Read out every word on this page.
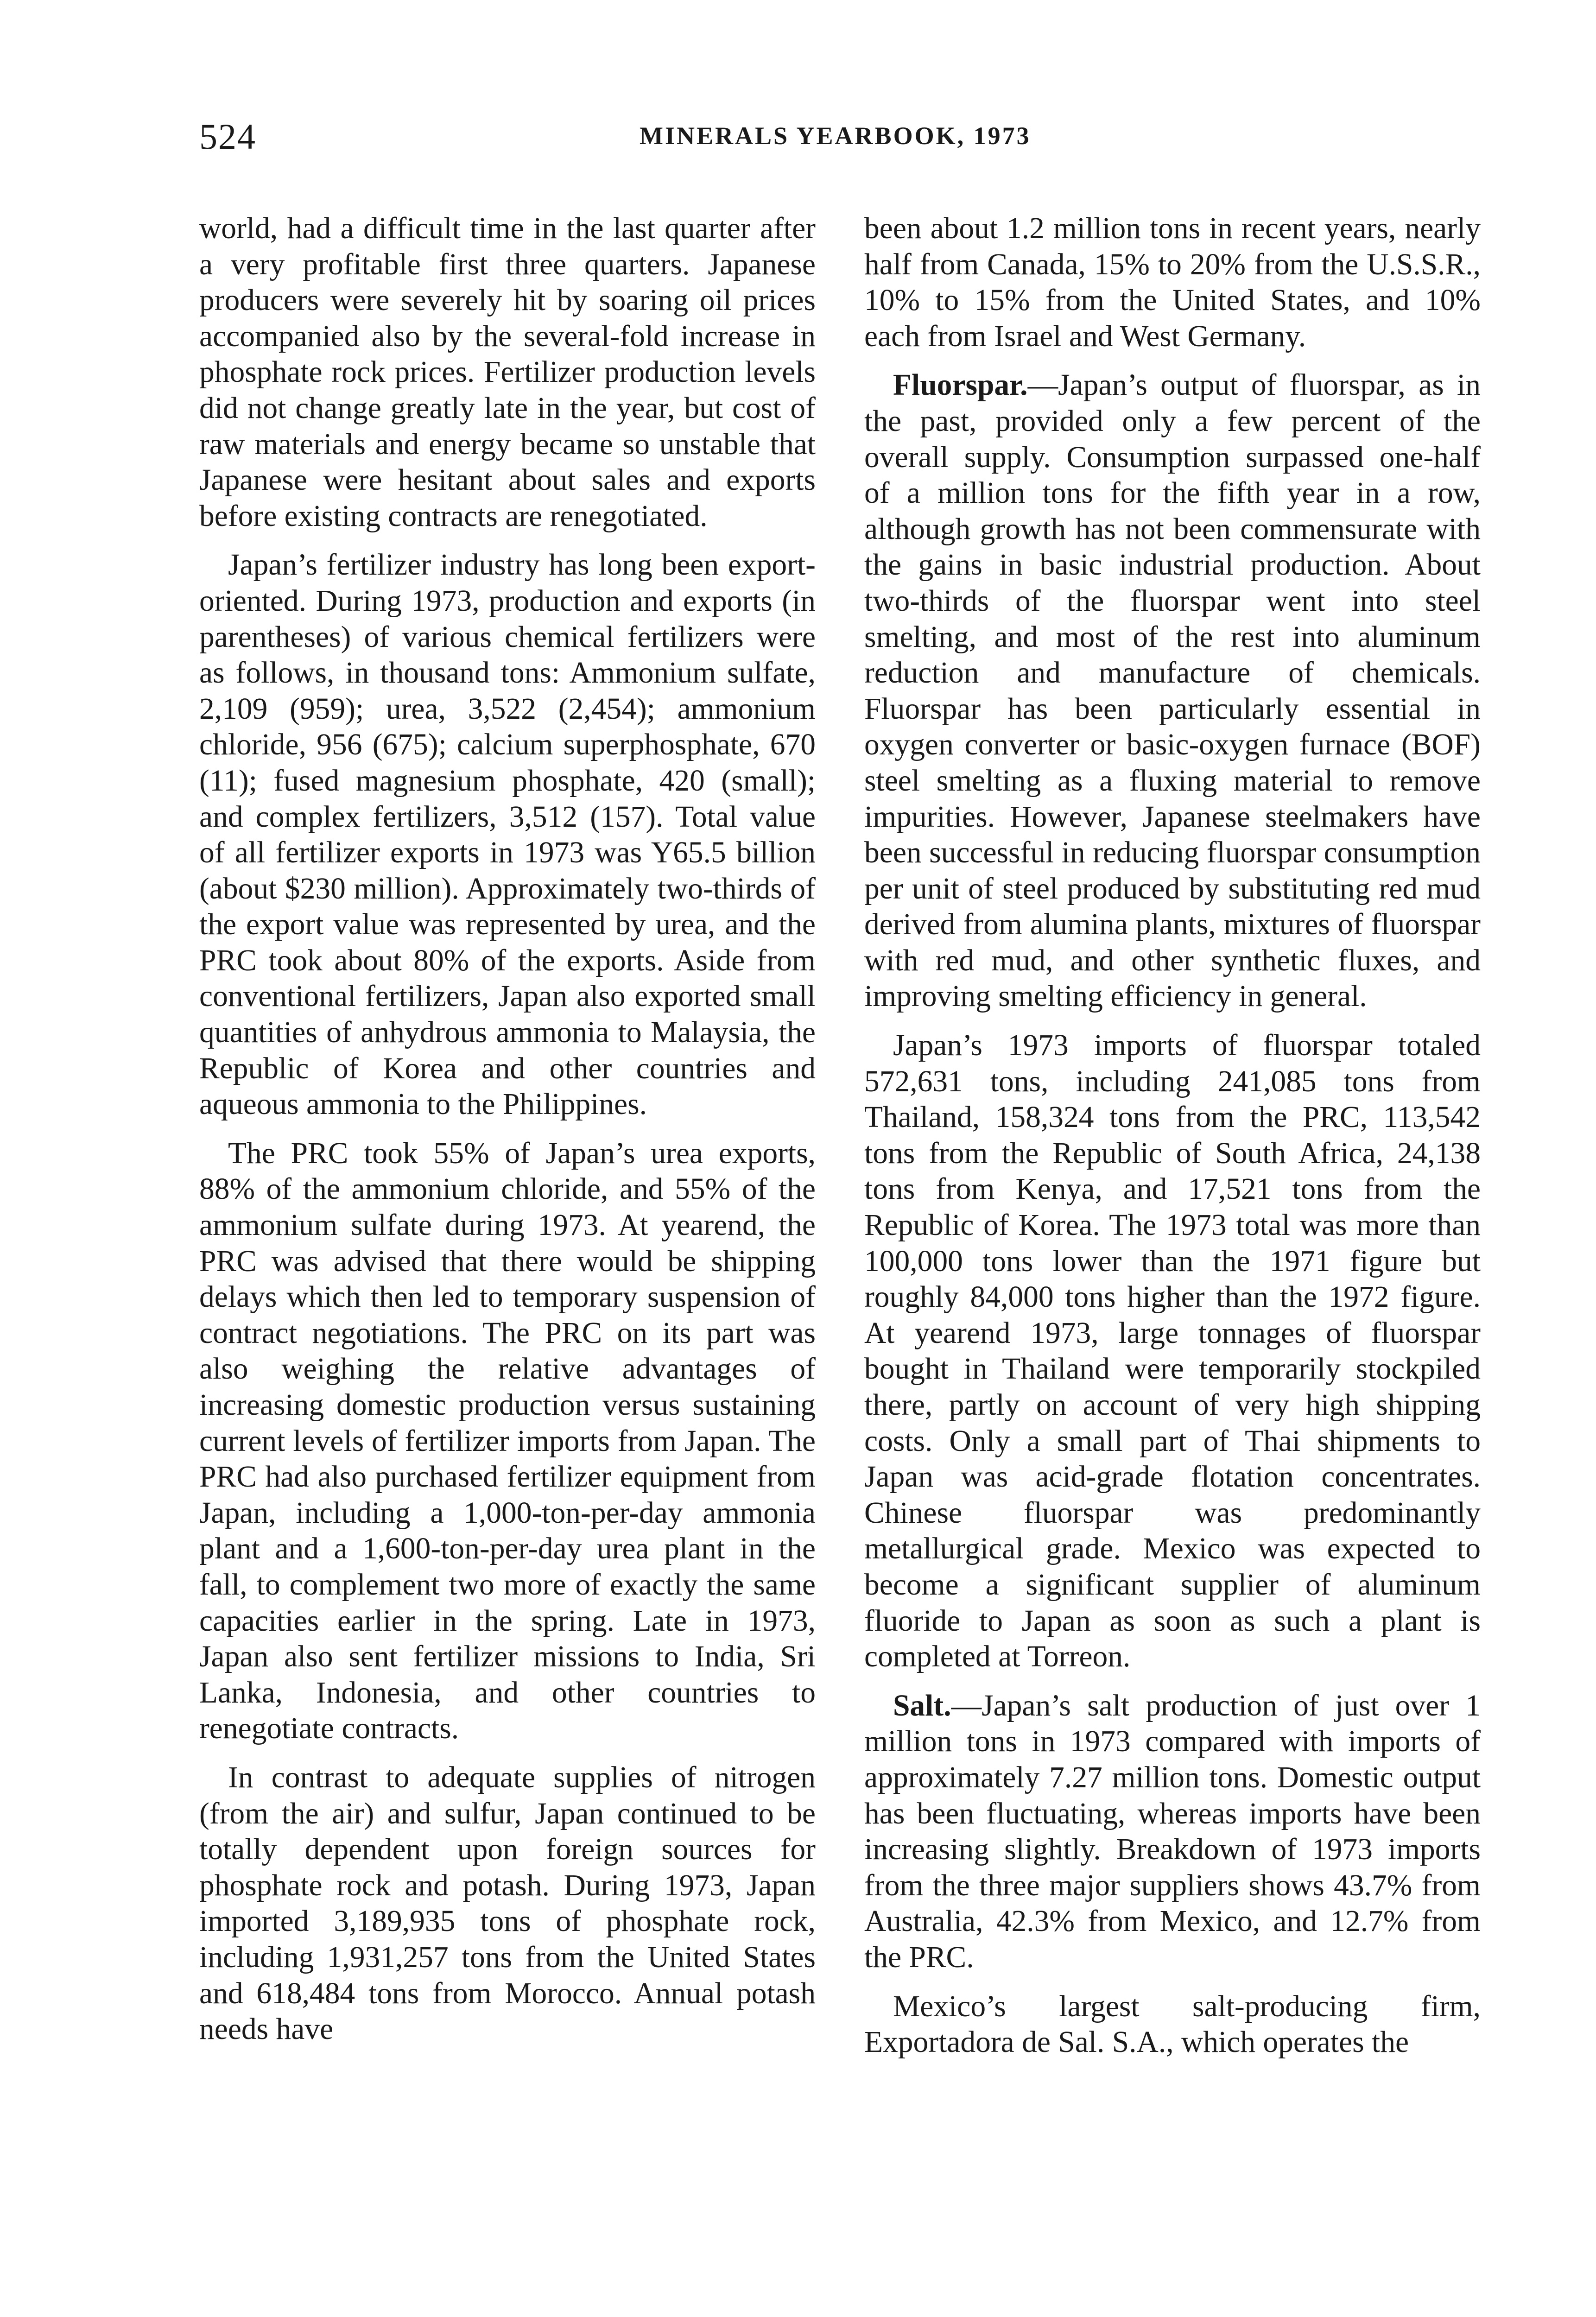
524	MINERALS YEARBOOK, 1973

world, had a difficult time in the last quarter after a very profitable first three quarters. Japanese producers were severely hit by soaring oil prices accompanied also by the several-fold increase in phosphate rock prices. Fertilizer production levels did not change greatly late in the year, but cost of raw materials and energy became so unstable that Japanese were hesitant about sales and exports before existing contracts are renegotiated.

Japan’s fertilizer industry has long been export-oriented. During 1973, production and exports (in parentheses) of various chemical fertilizers were as follows, in thousand tons: Ammonium sulfate, 2,109 (959); urea, 3,522 (2,454); ammonium chloride, 956 (675); calcium superphosphate, 670 (11); fused magnesium phosphate, 420 (small); and complex fertilizers, 3,512 (157). Total value of all fertilizer exports in 1973 was Y65.5 billion (about $230 million). Approximately two-thirds of the export value was represented by urea, and the PRC took about 80% of the exports. Aside from conventional fertilizers, Japan also exported small quantities of anhydrous ammonia to Malaysia, the Republic of Korea and other countries and aqueous ammonia to the Philippines.

The PRC took 55% of Japan’s urea exports, 88% of the ammonium chloride, and 55% of the ammonium sulfate during 1973. At yearend, the PRC was advised that there would be shipping delays which then led to temporary suspension of contract negotiations. The PRC on its part was also weighing the relative advantages of increasing domestic production versus sustaining current levels of fertilizer imports from Japan. The PRC had also purchased fertilizer equipment from Japan, including a 1,000-ton-per-day ammonia plant and a 1,600-ton-per-day urea plant in the fall, to complement two more of exactly the same capacities earlier in the spring. Late in 1973, Japan also sent fertilizer missions to India, Sri Lanka, Indonesia, and other countries to renegotiate contracts.

In contrast to adequate supplies of nitrogen (from the air) and sulfur, Japan continued to be totally dependent upon foreign sources for phosphate rock and potash. During 1973, Japan imported 3,189,935 tons of phosphate rock, including 1,931,257 tons from the United States and 618,484 tons from Morocco. Annual potash needs have

been about 1.2 million tons in recent years, nearly half from Canada, 15% to 20% from the U.S.S.R., 10% to 15% from the United States, and 10% each from Israel and West Germany.

Fluorspar.—Japan’s output of fluorspar, as in the past, provided only a few percent of the overall supply. Consumption surpassed one-half of a million tons for the fifth year in a row, although growth has not been commensurate with the gains in basic industrial production. About two-thirds of the fluorspar went into steel smelting, and most of the rest into aluminum reduction and manufacture of chemicals. Fluorspar has been particularly essential in oxygen converter or basic-oxygen furnace (BOF) steel smelting as a fluxing material to remove impurities. However, Japanese steelmakers have been successful in reducing fluorspar consumption per unit of steel produced by substituting red mud derived from alumina plants, mixtures of fluorspar with red mud, and other synthetic fluxes, and improving smelting efficiency in general.

Japan’s 1973 imports of fluorspar totaled 572,631 tons, including 241,085 tons from Thailand, 158,324 tons from the PRC, 113,542 tons from the Republic of South Africa, 24,138 tons from Kenya, and 17,521 tons from the Republic of Korea. The 1973 total was more than 100,000 tons lower than the 1971 figure but roughly 84,000 tons higher than the 1972 figure. At yearend 1973, large tonnages of fluorspar bought in Thailand were temporarily stockpiled there, partly on account of very high shipping costs. Only a small part of Thai shipments to Japan was acid-grade flotation concentrates. Chinese fluorspar was predominantly metallurgical grade. Mexico was expected to become a significant supplier of aluminum fluoride to Japan as soon as such a plant is completed at Torreon.

Salt.—Japan’s salt production of just over 1 million tons in 1973 compared with imports of approximately 7.27 million tons. Domestic output has been fluctuating, whereas imports have been increasing slightly. Breakdown of 1973 imports from the three major suppliers shows 43.7% from Australia, 42.3% from Mexico, and 12.7% from the PRC.

Mexico’s largest salt-producing firm, Exportadora de Sal. S.A., which operates the
